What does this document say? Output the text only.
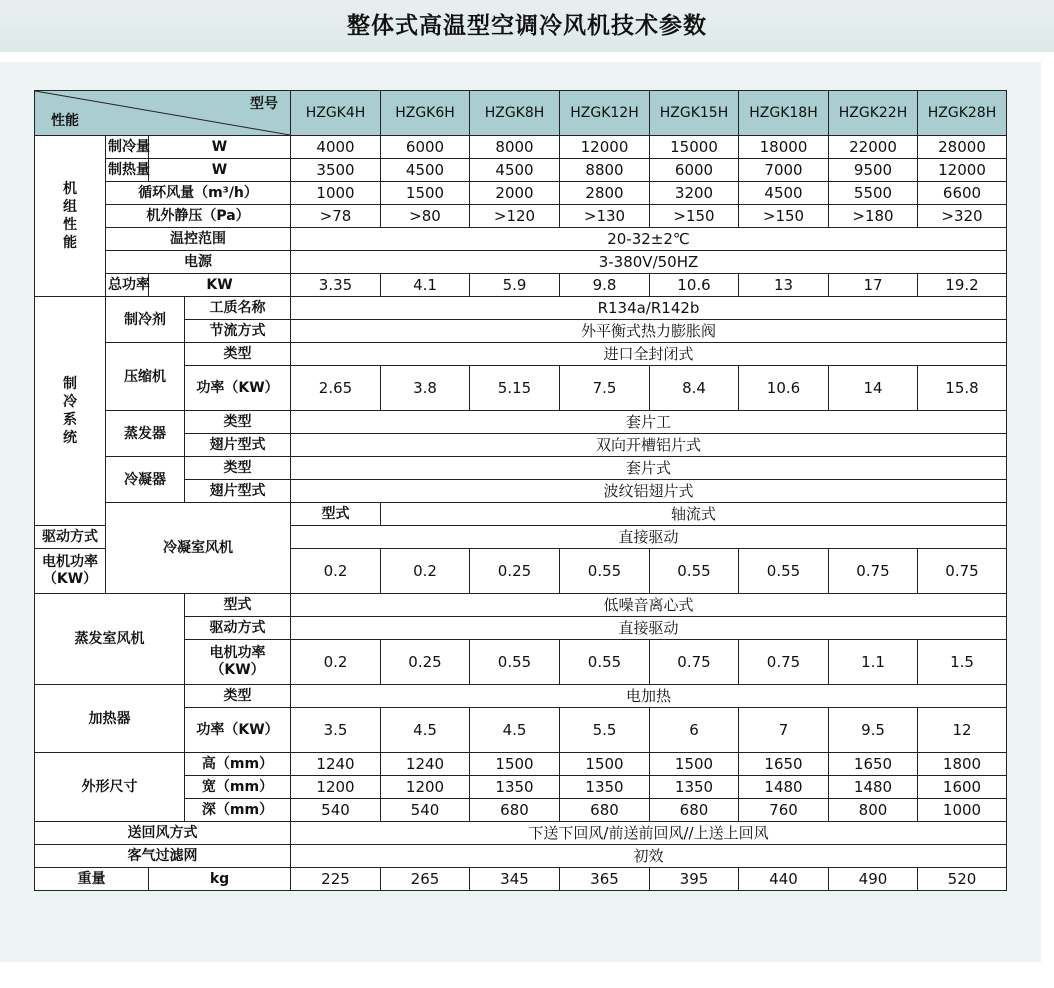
整体式高温型空调冷风机技术参数
型号
性能				HZGK4H	HZGK6H	HZGK8H	HZGK12H	HZGK15H	HZGK18H	HZGK22H	HZGK28H

机组性能	制冷量	W		4000	6000	8000	12000	15000	18000	22000	28000
	制热量	W		3500	4500	4500	8800	6000	7000	9500	12000
	循环风量（m³/h）			1000	1500	2000	2800	3200	4500	5500	6600
	机外静压（Pa）			>78	>80	>120	>130	>150	>150	>180	>320
	温控范围			20-32±2℃							
	电源			3-380V/50HZ							
	总功率	KW		3.35	4.1	5.9	9.8	10.6	13	17	19.2

制冷系统	制冷剂		工质名称	R134a/R142b							
			节流方式	外平衡式热力膨胀阀							
	压缩机		类型	进口全封闭式							
			功率（KW）	2.65	3.8	5.15	7.5	8.4	10.6	14	15.8
	蒸发器		类型	套片工							
			翅片型式	双向开槽铝片式							
	冷凝器		类型	套片式							
			翅片型式	波纹铝翅片式							
	冷凝室风机			型式	轴流式						
驱动方式				直接驱动							
电机功率（KW）				0.2	0.2	0.25	0.55	0.55	0.55	0.75	0.75
蒸发室风机			型式	低噪音离心式							
			驱动方式	直接驱动							
			电机功率（KW）	0.2	0.25	0.55	0.55	0.75	0.75	1.1	1.5
加热器			类型	电加热							
			功率（KW）	3.5	4.5	4.5	5.5	6	7	9.5	12
外形尺寸			高（mm）	1240	1240	1500	1500	1500	1650	1650	1800
			宽（mm）	1200	1200	1350	1350	1350	1480	1480	1600
			深（mm）	540	540	680	680	680	760	800	1000
送回风方式				下送下回风/前送前回风//上送上回风							
客气过滤网				初效							
重量		kg		225	265	345	365	395	440	490	520
